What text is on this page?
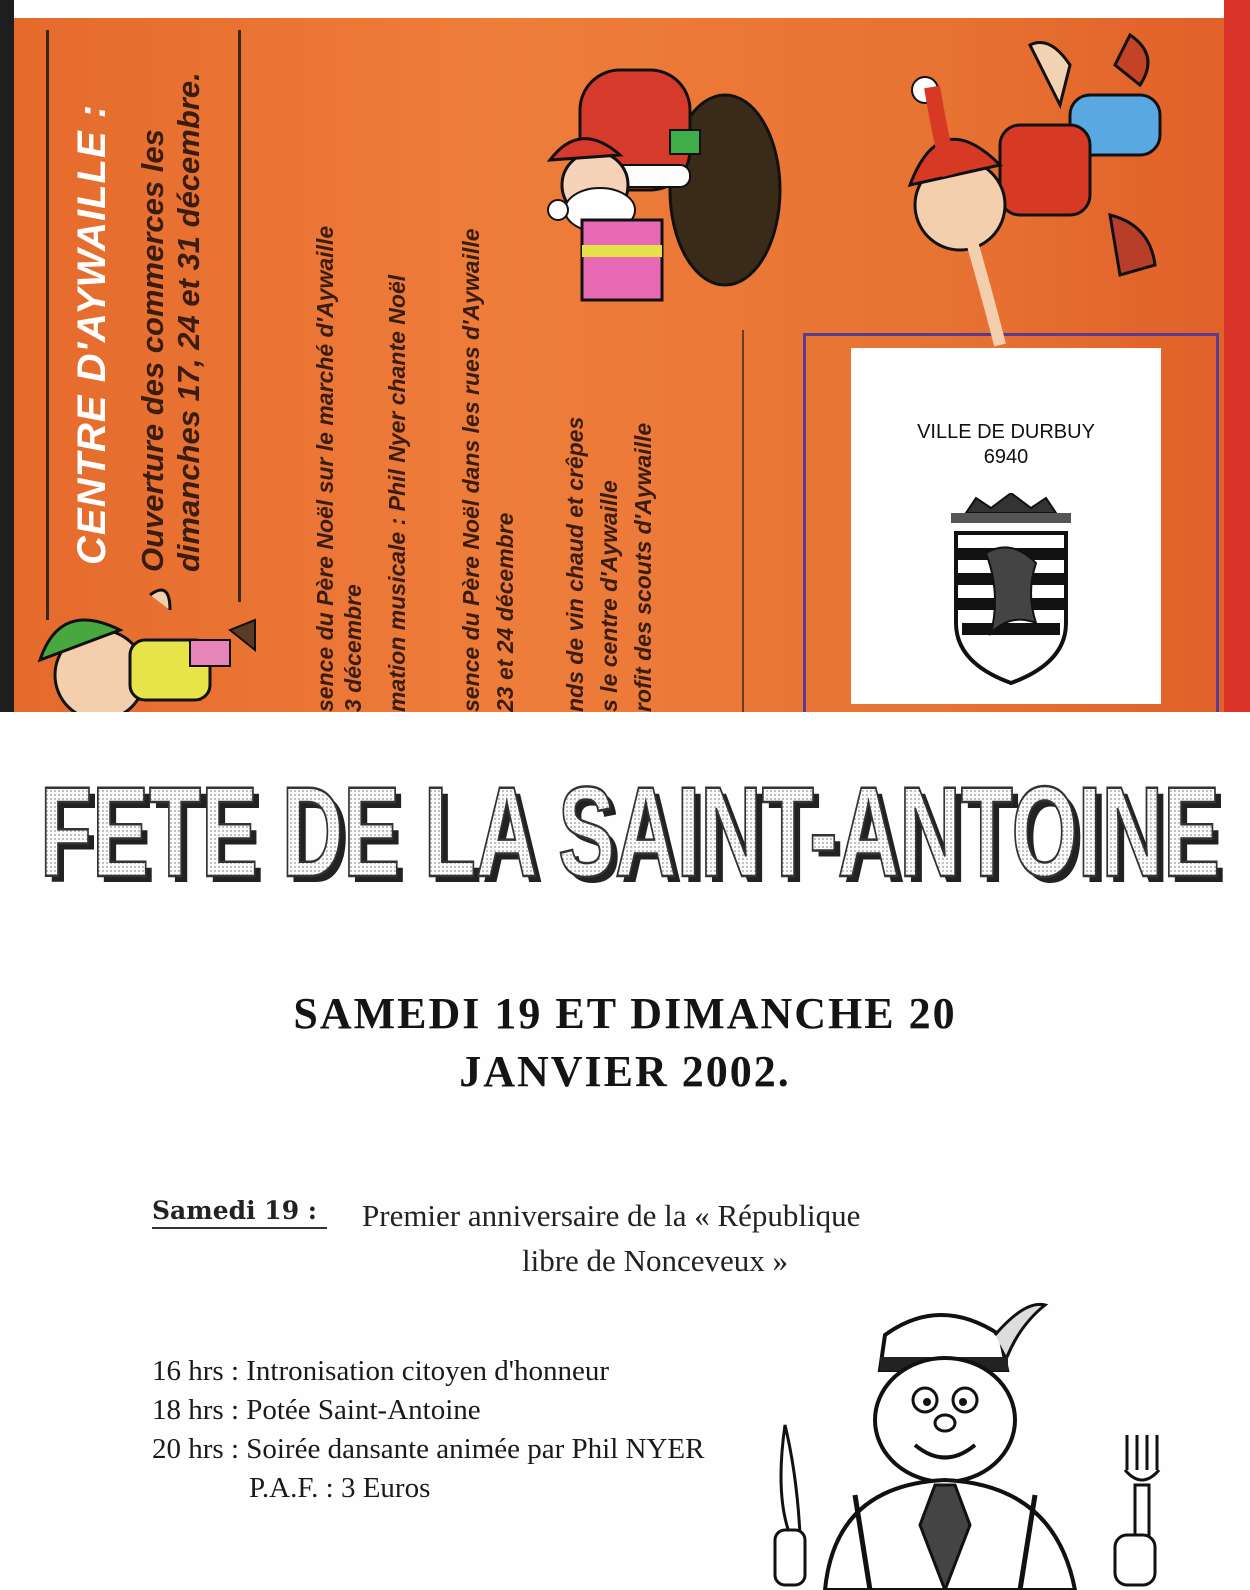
CENTRE D'AYWAILLE : Ouverture des commerces les dimanches 17, 24 et 31 décembre.	sence du Père Noël sur le marché d'Aywaille 3 décembre mation musicale : Phil Nyer chante Noël sence du Père Noël dans les rues d'Aywaille 23 et 24 décembre nds de vin chaud et crêpes s le centre d'Aywaille rofit des scouts d'Aywaille	VILLE DE DURBUY
6940
FETE DE LA SAINT-ANTOINE
FETE DE LA SAINT-ANTOINE
SAMEDI 19 ET DIMANCHE 20
JANVIER 2002.
Samedi 19 :	Premier anniversaire de la « République
libre de Nonceveux »
16 hrs : Intronisation citoyen d'honneur
18 hrs : Potée Saint-Antoine
20 hrs : Soirée dansante animée par Phil NYER
P.A.F. : 3 Euros
